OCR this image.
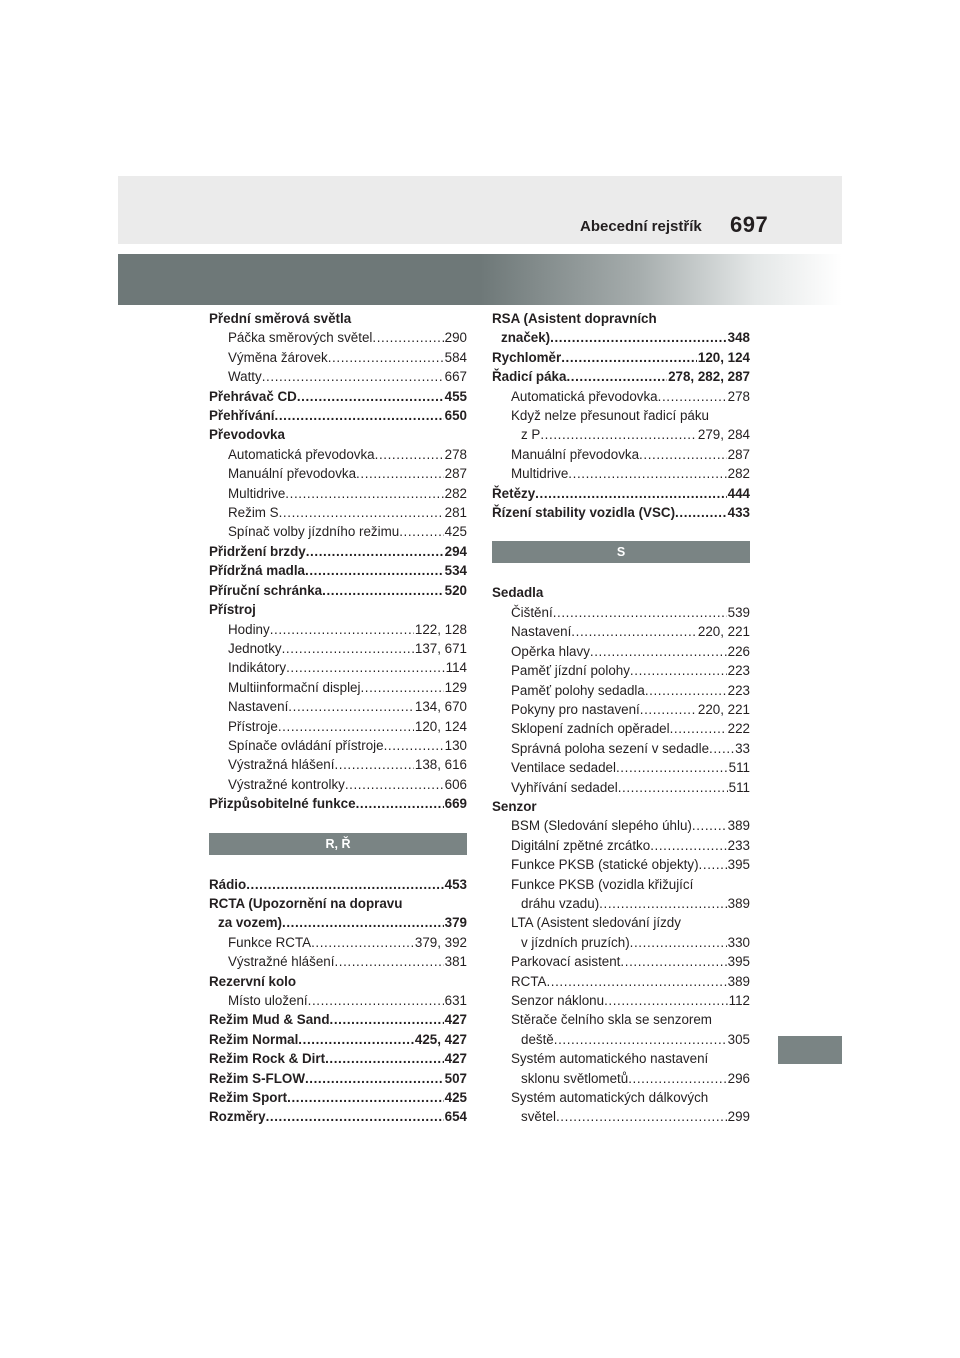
Abecední rejstřík 697
Přední směrová světla
Páčka směrových světel .....	290
Výměna žárovek .....	584
Watty .....	667
Přehrávač CD .....	455
Přehřívání .....	650
Převodovka
Automatická převodovka .....	278
Manuální převodovka .....	287
Multidrive .....	282
Režim S .....	281
Spínač volby jízdního režimu .....	425
Přidržení brzdy .....	294
Přídržná madla .....	534
Příruční schránka .....	520
Přístroj
Hodiny .....	122, 128
Jednotky .....	137, 671
Indikátory .....	114
Multiinformační displej .....	129
Nastavení .....	134, 670
Přístroje .....	120, 124
Spínače ovládání přístroje .....	130
Výstražná hlášení .....	138, 616
Výstražné kontrolky .....	606
Přizpůsobitelné funkce .....	669
R, Ř
Rádio .....	453
RCTA (Upozornění na dopravu
za vozem) .....	379
Funkce RCTA .....	379, 392
Výstražné hlášení .....	381
Rezervní kolo
Místo uložení .....	631
Režim Mud & Sand .....	427
Režim Normal .....	425, 427
Režim Rock & Dirt .....	427
Režim S-FLOW .....	507
Režim Sport .....	425
Rozměry .....	654
RSA (Asistent dopravních
značek) .....	348
Rychloměr .....	120, 124
Řadicí páka .....	278, 282, 287
Automatická převodovka .....	278
Když nelze přesunout řadicí páku
z P .....	279, 284
Manuální převodovka .....	287
Multidrive .....	282
Řetězy .....	444
Řízení stability vozidla (VSC) .....	433
S
Sedadla
Čištění .....	539
Nastavení .....	220, 221
Opěrka hlavy .....	226
Paměť jízdní polohy .....	223
Paměť polohy sedadla .....	223
Pokyny pro nastavení .....	220, 221
Sklopení zadních opěradel .....	222
Správná poloha sezení v sedadle ..... 33
Ventilace sedadel .....	511
Vyhřívání sedadel .....	511
Senzor
BSM (Sledování slepého úhlu) .....	389
Digitální zpětné zrcátko .....	233
Funkce PKSB (statické objekty) ..... 395
Funkce PKSB (vozidla křižující
dráhu vzadu) .....	389
LTA (Asistent sledování jízdy
v jízdních pruzích) .....	330
Parkovací asistent .....	395
RCTA .....	389
Senzor náklonu .....	112
Stěrače čelního skla se senzorem
deště .....	305
Systém automatického nastavení
sklonu světlometů .....	296
Systém automatických dálkových
světel .....	299
